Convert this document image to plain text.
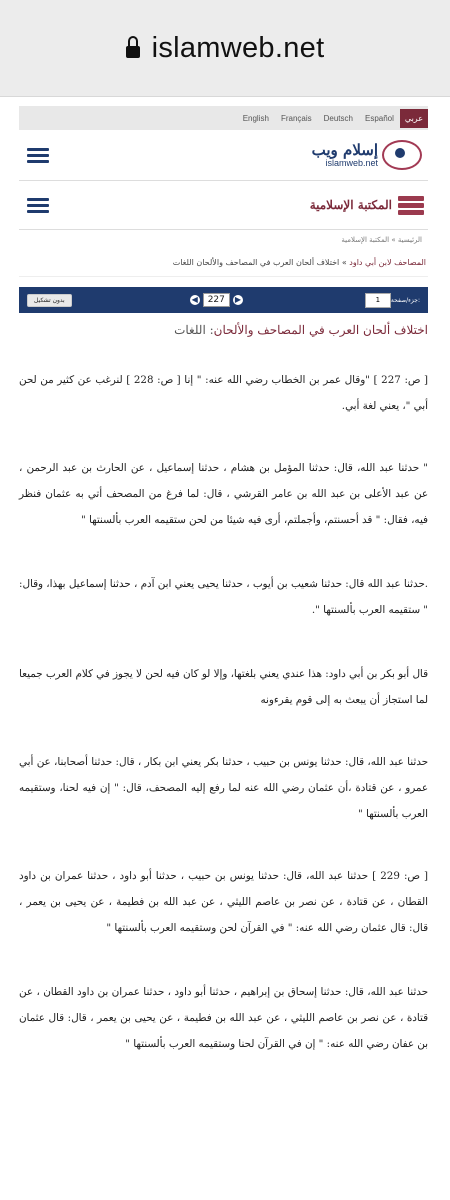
islamweb.net
English Français Deutsch Español	عربي
إسلام ويب
islamweb.net
المكتبة الإسلامية
الرئيسية » المكتبة الإسلامية
المصاحف لابن أبي داود » اختلاف ألحان العرب في المصاحف والألحان اللغات
بدون تشكيل	◀	227	▶	1	جزء/صفحة:
اختلاف ألحان العرب في المصاحف والألحان: اللغات

[ ص: 227 ] "وقال عمر بن الخطاب رضي الله عنه: " إنا [ ص: 228 ] لنرغب عن كثير من لحن أبي "، يعني لغة أبي.

" حدثنا عبد الله، قال: حدثنا المؤمل بن هشام ، حدثنا إسماعيل ، عن الحارث بن عبد الرحمن ، عن عبد الأعلى بن عبد الله بن عامر القرشي ، قال: لما فرغ من المصحف أتي به عثمان فنظر فيه، فقال: " قد أحسنتم، وأجملتم، أرى فيه شيئا من لحن ستقيمه العرب بألسنتها "

.حدثنا عبد الله قال: حدثنا شعيب بن أيوب ، حدثنا يحيى يعني ابن آدم ، حدثنا إسماعيل بهذا، وقال: " ستقيمه العرب بألسنتها ".

قال أبو بكر بن أبي داود: هذا عندي يعني بلغتها، وإلا لو كان فيه لحن لا يجوز في كلام العرب جميعا لما استجاز أن يبعث به إلى قوم يقرءونه

حدثنا عبد الله، قال: حدثنا يونس بن حبيب ، حدثنا بكر يعني ابن بكار ، قال: حدثنا أصحابنا، عن أبي عمرو ، عن قتادة ،أن عثمان رضي الله عنه لما رفع إليه المصحف، قال: " إن فيه لحنا، وستقيمه العرب بألسنتها "

[ ص: 229 ] حدثنا عبد الله، قال: حدثنا يونس بن حبيب ، حدثنا أبو داود ، حدثنا عمران بن داود القطان ، عن قتادة ، عن نصر بن عاصم الليثي ، عن عبد الله بن فطيمة ، عن يحيى بن يعمر ، قال: قال عثمان رضي الله عنه: " في القرآن لحن وستقيمه العرب بألسنتها "

حدثنا عبد الله، قال: حدثنا إسحاق بن إبراهيم ، حدثنا أبو داود ، حدثنا عمران بن داود القطان ، عن قتادة ، عن نصر بن عاصم الليثي ، عن عبد الله بن فطيمة ، عن يحيى بن يعمر ، قال: قال عثمان بن عفان رضي الله عنه: " إن في القرآن لحنا وستقيمه العرب بألسنتها "
